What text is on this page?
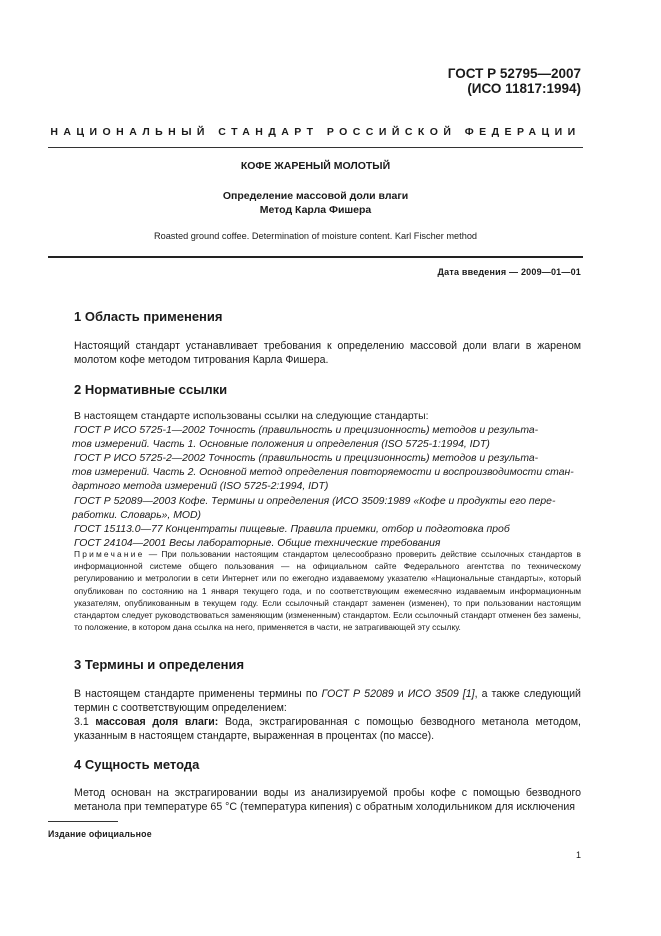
ГОСТ Р 52795—2007
(ИСО 11817:1994)
НАЦИОНАЛЬНЫЙ СТАНДАРТ РОССИЙСКОЙ ФЕДЕРАЦИИ
КОФЕ ЖАРЕНЫЙ МОЛОТЫЙ
Определение массовой доли влаги
Метод Карла Фишера
Roasted ground coffee. Determination of moisture content. Karl Fischer method
Дата введения — 2009—01—01
1 Область применения
Настоящий стандарт устанавливает требования к определению массовой доли влаги в жареном молотом кофе методом титрования Карла Фишера.
2 Нормативные ссылки
В настоящем стандарте использованы ссылки на следующие стандарты:
ГОСТ Р ИСО 5725-1—2002 Точность (правильность и прецизионность) методов и результа-
тов измерений. Часть 1. Основные положения и определения (ISO 5725-1:1994, IDT)
ГОСТ Р ИСО 5725-2—2002 Точность (правильность и прецизионность) методов и результа-
тов измерений. Часть 2. Основной метод определения повторяемости и воспроизводимости стан-
дартного метода измерений (ISO 5725-2:1994, IDT)
ГОСТ Р 52089—2003 Кофе. Термины и определения (ИСО 3509:1989 «Кофе и продукты его пере-
работки. Словарь», MOD)
ГОСТ 15113.0—77 Концентраты пищевые. Правила приемки, отбор и подготовка проб
ГОСТ 24104—2001 Весы лабораторные. Общие технические требования
Примечание — При пользовании настоящим стандартом целесообразно проверить действие ссылочных стандартов в информационной системе общего пользования — на официальном сайте Федерального агентства по техническому регулированию и метрологии в сети Интернет или по ежегодно издаваемому указателю «Национальные стандарты», который опубликован по состоянию на 1 января текущего года, и по соответствующим ежемесячно издаваемым информационным указателям, опубликованным в текущем году. Если ссылочный стандарт заменен (изменен), то при пользовании настоящим стандартом следует руководствоваться заменяющим (измененным) стандартом. Если ссылочный стандарт отменен без замены, то положение, в котором дана ссылка на него, применяется в части, не затрагивающей эту ссылку.
3 Термины и определения
В настоящем стандарте применены термины по ГОСТ Р 52089 и ИСО 3509 [1], а также следующий термин с соответствующим определением:
3.1 массовая доля влаги: Вода, экстрагированная с помощью безводного метанола методом, указанным в настоящем стандарте, выраженная в процентах (по массе).
4 Сущность метода
Метод основан на экстрагировании воды из анализируемой пробы кофе с помощью безводного метанола при температуре 65 °С (температура кипения) с обратным холодильником для исключения
Издание официальное
1
